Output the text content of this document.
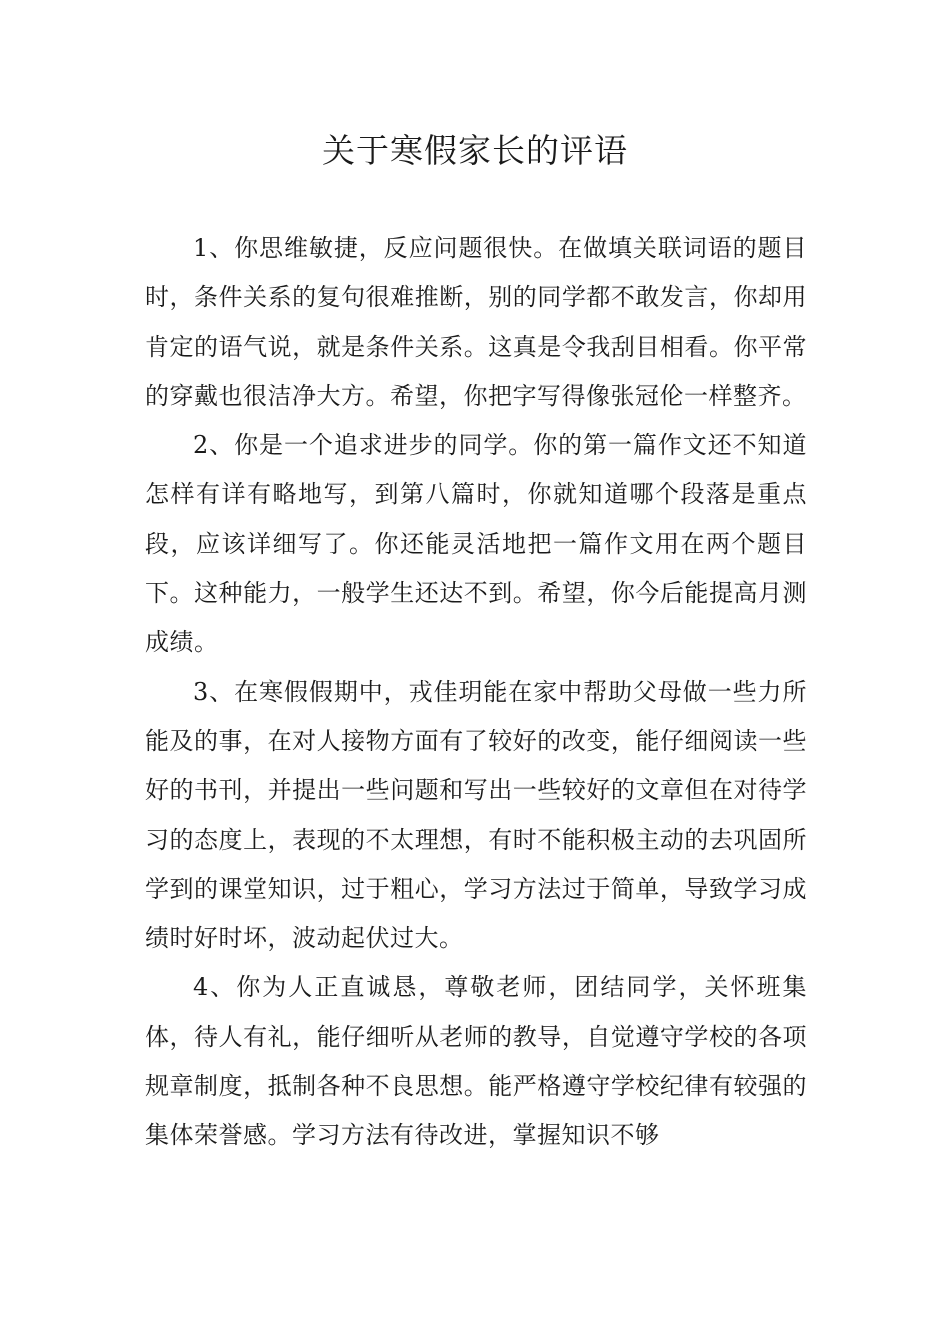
关于寒假家长的评语

1、你思维敏捷，反应问题很快。在做填关联词语的题目时，条件关系的复句很难推断，别的同学都不敢发言，你却用肯定的语气说，就是条件关系。这真是令我刮目相看。你平常的穿戴也很洁净大方。希望，你把字写得像张冠伦一样整齐。

2、你是一个追求进步的同学。你的第一篇作文还不知道怎样有详有略地写，到第八篇时，你就知道哪个段落是重点段，应该详细写了。你还能灵活地把一篇作文用在两个题目下。这种能力，一般学生还达不到。希望，你今后能提高月测成绩。

3、在寒假假期中，戎佳玥能在家中帮助父母做一些力所能及的事，在对人接物方面有了较好的改变，能仔细阅读一些好的书刊，并提出一些问题和写出一些较好的文章但在对待学习的态度上，表现的不太理想，有时不能积极主动的去巩固所学到的课堂知识，过于粗心，学习方法过于简单，导致学习成绩时好时坏，波动起伏过大。

4、你为人正直诚恳，尊敬老师，团结同学，关怀班集体，待人有礼，能仔细听从老师的教导，自觉遵守学校的各项规章制度，抵制各种不良思想。能严格遵守学校纪律有较强的集体荣誉感。学习方法有待改进，掌握知识不够
